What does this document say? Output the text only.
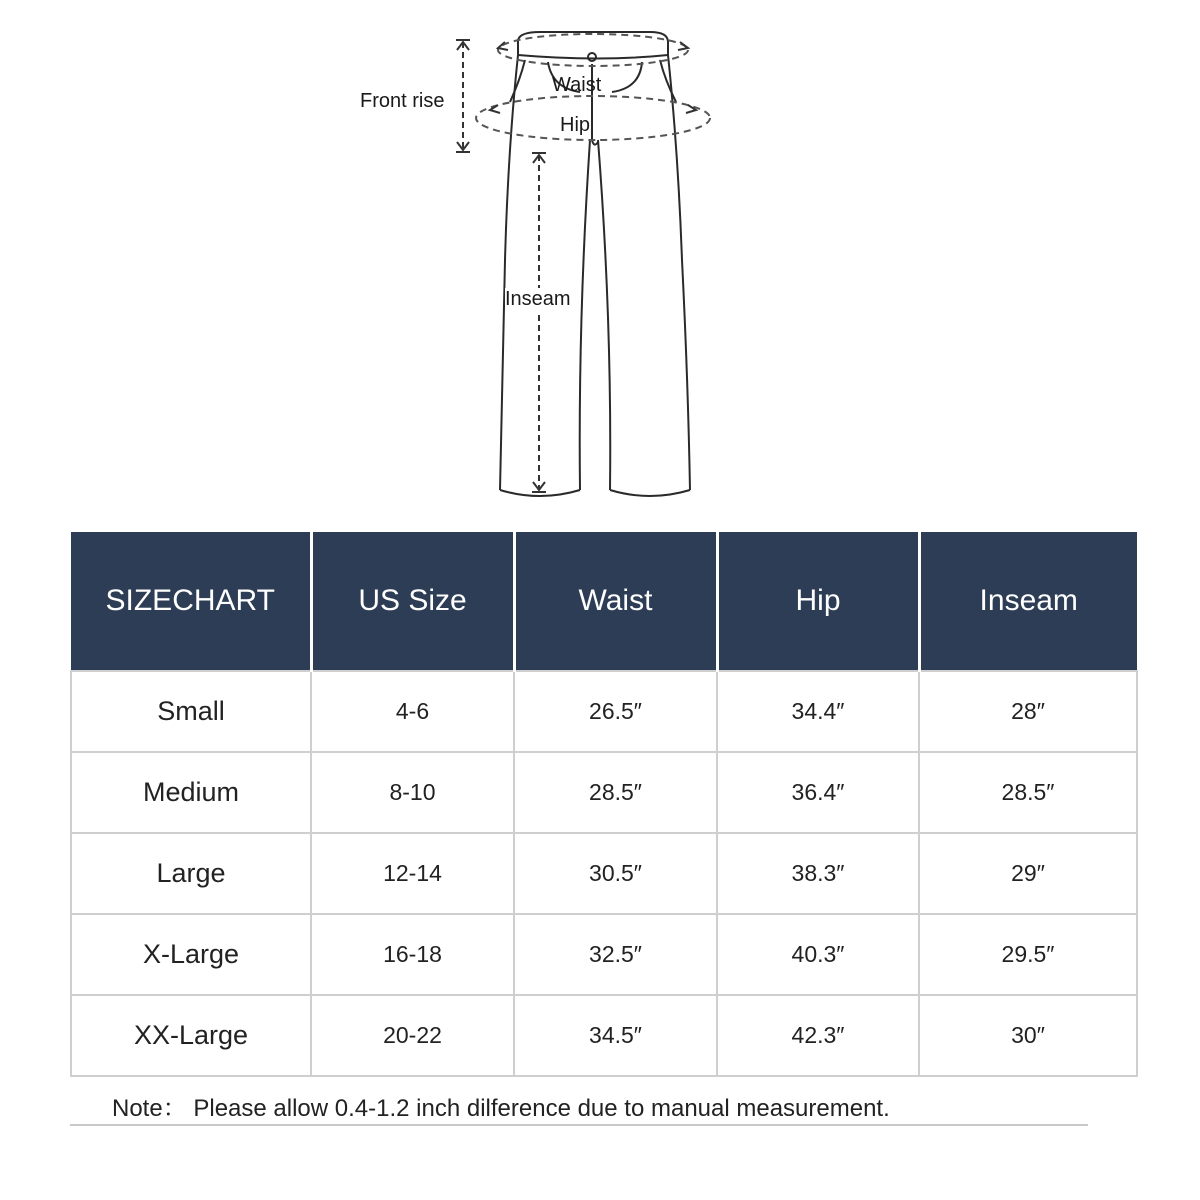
Front rise
Waist
Hip
Inseam
SIZECHART	US Size	Waist	Hip	Inseam
Small	4-6	26.5″	34.4″	28″
Medium	8-10	28.5″	36.4″	28.5″
Large	12-14	30.5″	38.3″	29″
X-Large	16-18	32.5″	40.3″	29.5″
XX-Large	20-22	34.5″	42.3″	30″
Note： Please allow 0.4-1.2 inch dilference due to manual measurement.
